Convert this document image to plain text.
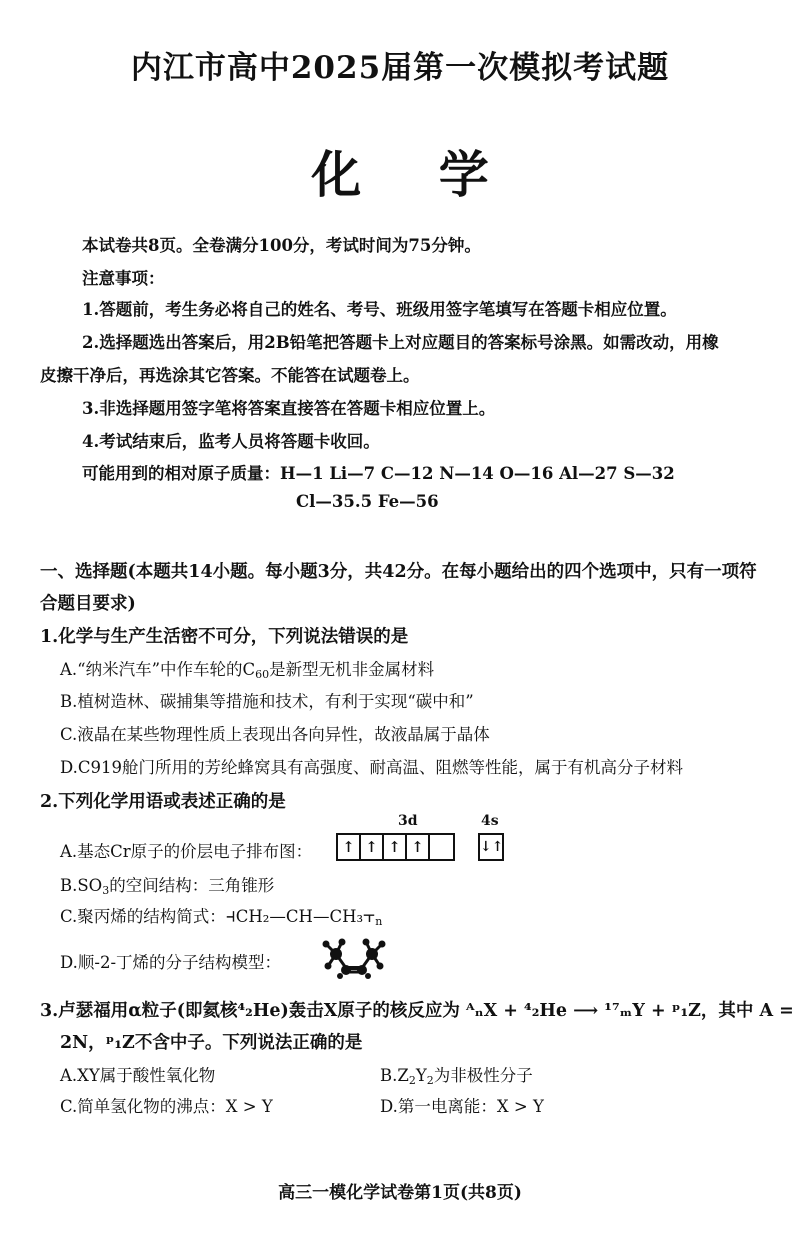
内江市高中2025届第一次模拟考试题
化 学
本试卷共8页。全卷满分100分，考试时间为75分钟。
注意事项：
1.答题前，考生务必将自己的姓名、考号、班级用签字笔填写在答题卡相应位置。
2.选择题选出答案后，用2B铅笔把答题卡上对应题目的答案标号涂黑。如需改动，用橡
皮擦干净后，再选涂其它答案。不能答在试题卷上。
3.非选择题用签字笔将答案直接答在答题卡相应位置上。
4.考试结束后，监考人员将答题卡收回。
可能用到的相对原子质量：H—1 Li—7 C—12 N—14 O—16 Al—27 S—32
Cl—35.5 Fe—56
一、选择题(本题共14小题。每小题3分，共42分。在每小题给出的四个选项中，只有一项符
合题目要求)
1.化学与生产生活密不可分，下列说法错误的是
A.“纳米汽车”中作车轮的$C_{60}$是新型无机非金属材料
B.植树造林、碳捕集等措施和技术，有利于实现“碳中和”
C.液晶在某些物理性质上表现出各向异性，故液晶属于晶体
D.C919舱门所用的芳纶蜂窝具有高强度、耐高温、阻燃等性能，属于有机高分子材料
2.下列化学用语或表述正确的是
A.基态Cr原子的价层电子排布图：
3d	4s
↑ ↑ ↑ ↑	↓↑
$B.SO_3$的空间结构：三角锥形
C.聚丙烯的结构简式：$⫞CH_2—CH—CH_3⫟_n$
D.顺-2-丁烯的分子结构模型：
3.卢瑟福用α粒子(即氦核⁴₂He)轰击X原子的核反应为 ᴬₙX + ⁴₂He ⟶ ¹⁷ₘY + ᵖ₁Z，其中 A =
2N，ᵖ₁Z不含中子。下列说法正确的是
A.XY属于酸性氧化物	$B.Z_2Y_2$为非极性分子
C.简单氢化物的沸点：X > Y	D.第一电离能：X > Y
高三一模化学试卷第1页(共8页)
